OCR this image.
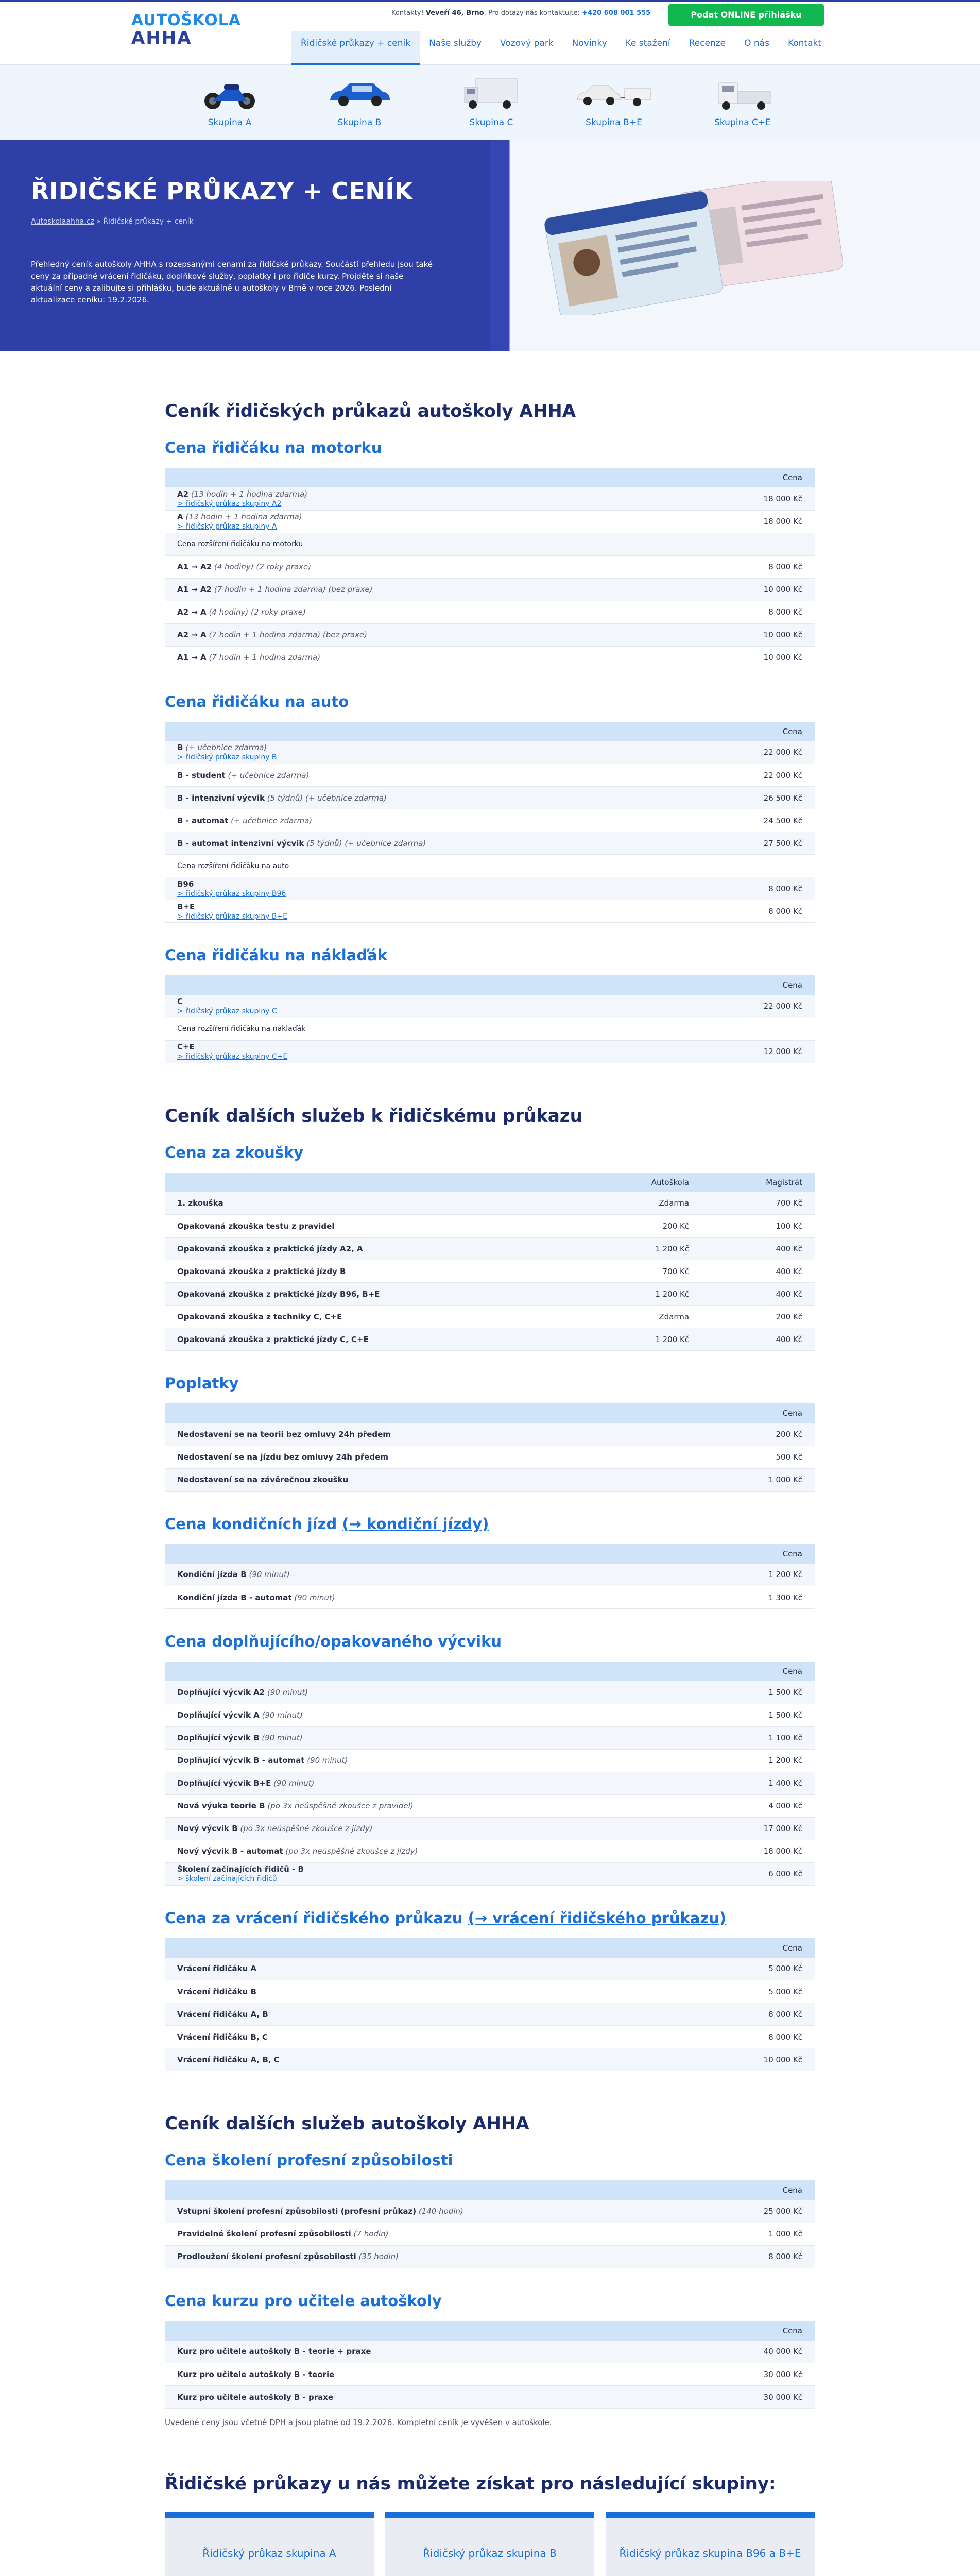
AUTOŠKOLA
AHHA
Kontakty! Veveří 46, Brno, Pro dotazy nás kontaktujte: +420 608 001 555	Podat ONLINE přihlášku
Řidičské průkazy + ceník	Naše služby	Vozový park	Novinky	Ke stažení	Recenze	O nás	Kontakt
Skupina A	Skupina B	Skupina C	Skupina B+E	Skupina C+E
ŘIDIČSKÉ PRŮKAZY + CENÍK
Autoskolaahha.cz » Řidičské průkazy + ceník

Přehledný ceník autoškoly AHHA s rozepsanými cenami za řidičské průkazy. Součástí přehledu jsou také ceny za případné vrácení řidičáku, doplňkové služby, poplatky i pro řidiče kurzy. Projděte si naše aktuální ceny a zalibujte si přihlášku, bude aktuálně u autoškoly v Brně v roce 2026. Poslední aktualizace ceníku: 19.2.2026.

Ceník řidičských průkazů autoškoly AHHA
Cena řidičáku na motorku
	Cena
A2 (13 hodin + 1 hodina zdarma)
> řidičský průkaz skupiny A2	18 000 Kč
A (13 hodin + 1 hodina zdarma)
> řidičský průkaz skupiny A	18 000 Kč
Cena rozšíření řidičáku na motorku	
A1 → A2 (4 hodiny) (2 roky praxe)	8 000 Kč
A1 → A2 (7 hodin + 1 hodina zdarma) (bez praxe)	10 000 Kč
A2 → A (4 hodiny) (2 roky praxe)	8 000 Kč
A2 → A (7 hodin + 1 hodina zdarma) (bez praxe)	10 000 Kč
A1 → A (7 hodin + 1 hodina zdarma)	10 000 Kč
Cena řidičáku na auto
	Cena
B (+ učebnice zdarma)
> řidičský průkaz skupiny B	22 000 Kč
B - student (+ učebnice zdarma)	22 000 Kč
B - intenzivní výcvik (5 týdnů) (+ učebnice zdarma)	26 500 Kč
B - automat (+ učebnice zdarma)	24 500 Kč
B - automat intenzivní výcvik (5 týdnů) (+ učebnice zdarma)	27 500 Kč
Cena rozšíření řidičáku na auto	
B96
> řidičský průkaz skupiny B96	8 000 Kč
B+E
> řidičský průkaz skupiny B+E	8 000 Kč
Cena řidičáku na náklaďák
	Cena
C
> řidičský průkaz skupiny C	22 000 Kč
Cena rozšíření řidičáku na náklaďák	
C+E
> řidičský průkaz skupiny C+E	12 000 Kč
Ceník dalších služeb k řidičskému průkazu
Cena za zkoušky
	Autoškola	Magistrát
1. zkouška	Zdarma	700 Kč
Opakovaná zkouška testu z pravidel	200 Kč	100 Kč
Opakovaná zkouška z praktické jízdy A2, A	1 200 Kč	400 Kč
Opakovaná zkouška z praktické jízdy B	700 Kč	400 Kč
Opakovaná zkouška z praktické jízdy B96, B+E	1 200 Kč	400 Kč
Opakovaná zkouška z techniky C, C+E	Zdarma	200 Kč
Opakovaná zkouška z praktické jízdy C, C+E	1 200 Kč	400 Kč
Poplatky
	Cena
Nedostavení se na teorii bez omluvy 24h předem	200 Kč
Nedostavení se na jízdu bez omluvy 24h předem	500 Kč
Nedostavení se na závěrečnou zkoušku	1 000 Kč
Cena kondičních jízd (→ kondiční jízdy)
	Cena
Kondiční jízda B (90 minut)	1 200 Kč
Kondiční jízda B - automat (90 minut)	1 300 Kč
Cena doplňujícího/opakovaného výcviku
	Cena
Doplňující výcvik A2 (90 minut)	1 500 Kč
Doplňující výcvik A (90 minut)	1 500 Kč
Doplňující výcvik B (90 minut)	1 100 Kč
Doplňující výcvik B - automat (90 minut)	1 200 Kč
Doplňující výcvik B+E (90 minut)	1 400 Kč
Nová výuka teorie B (po 3x neúspěšné zkoušce z pravidel)	4 000 Kč
Nový výcvik B (po 3x neúspěšné zkoušce z jízdy)	17 000 Kč
Nový výcvik B - automat (po 3x neúspěšné zkoušce z jízdy)	18 000 Kč
Školení začínajících řidičů - B
> školení začínajících řidičů	6 000 Kč
Cena za vrácení řidičského průkazu (→ vrácení řidičského průkazu)
	Cena
Vrácení řidičáku A	5 000 Kč
Vrácení řidičáku B	5 000 Kč
Vrácení řidičáku A, B	8 000 Kč
Vrácení řidičáku B, C	8 000 Kč
Vrácení řidičáku A, B, C	10 000 Kč
Ceník dalších služeb autoškoly AHHA
Cena školení profesní způsobilosti
	Cena
Vstupní školení profesní způsobilosti (profesní průkaz) (140 hodin)	25 000 Kč
Pravidelné školení profesní způsobilosti (7 hodin)	1 000 Kč
Prodloužení školení profesní způsobilosti (35 hodin)	8 000 Kč
Cena kurzu pro učitele autoškoly
	Cena
Kurz pro učitele autoškoly B - teorie + praxe	40 000 Kč
Kurz pro učitele autoškoly B - teorie	30 000 Kč
Kurz pro učitele autoškoly B - praxe	30 000 Kč

Uvedené ceny jsou včetně DPH a jsou platné od 19.2.2026. Kompletní ceník je vyvěšen v autoškole.

Řidičské průkazy u nás můžete získat pro následující skupiny:
Řidičský průkaz skupina A	Řidičský průkaz skupina B	Řidičský průkaz skupina B96 a B+E
